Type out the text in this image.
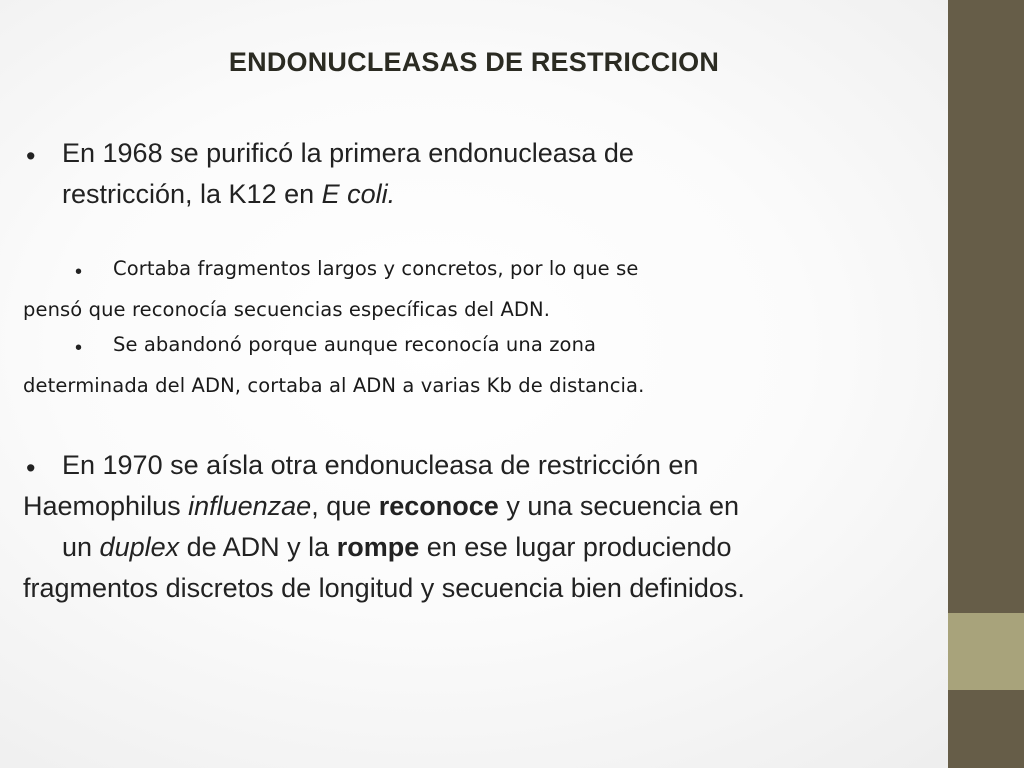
ENDONUCLEASAS DE RESTRICCION
• En 1968 se purificó la primera endonucleasa de
restricción, la K12 en E coli.
• Cortaba fragmentos largos y concretos, por lo que se
pensó que reconocía secuencias específicas del ADN.
• Se abandonó porque aunque reconocía una zona
determinada del ADN, cortaba al ADN a varias Kb de distancia.
• En 1970 se aísla otra endonucleasa de restricción en
Haemophilus influenzae, que reconoce y una secuencia en
un duplex de ADN y la rompe en ese lugar produciendo
fragmentos discretos de longitud y secuencia bien definidos.
